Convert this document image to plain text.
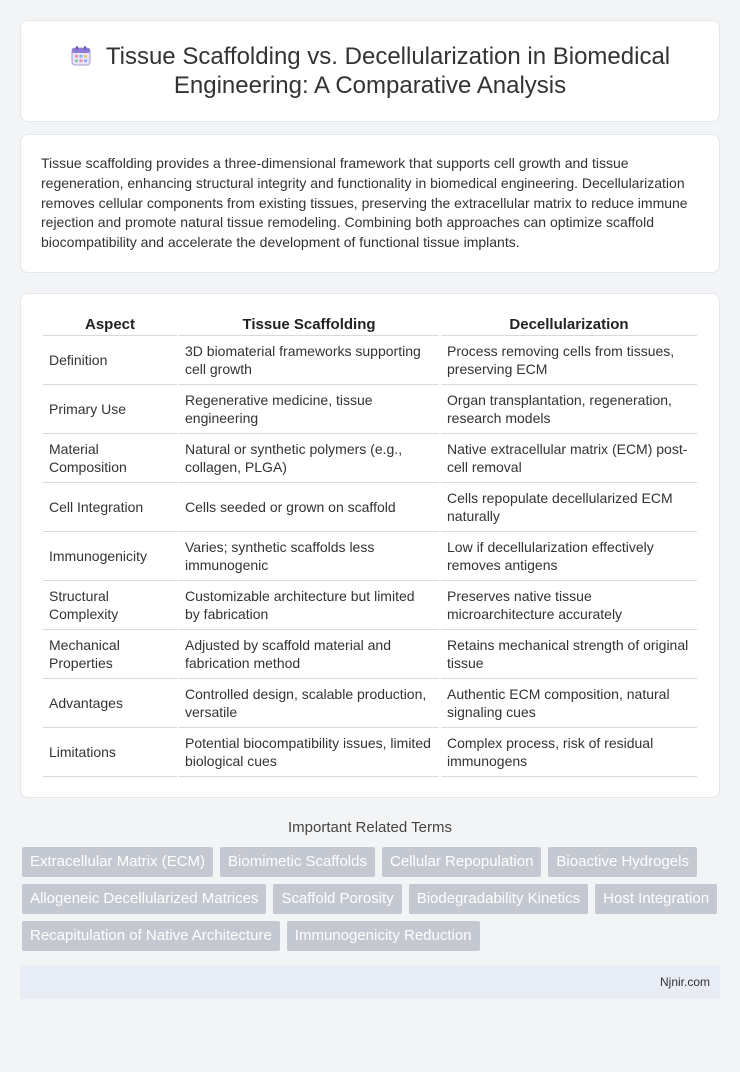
Tissue Scaffolding vs. Decellularization in Biomedical Engineering: A Comparative Analysis

Tissue scaffolding provides a three-dimensional framework that supports cell growth and tissue regeneration, enhancing structural integrity and functionality in biomedical engineering. Decellularization removes cellular components from existing tissues, preserving the extracellular matrix to reduce immune rejection and promote natural tissue remodeling. Combining both approaches can optimize scaffold biocompatibility and accelerate the development of functional tissue implants.

Aspect	Tissue Scaffolding	Decellularization
Definition	3D biomaterial frameworks supporting cell growth	Process removing cells from tissues, preserving ECM
Primary Use	Regenerative medicine, tissue engineering	Organ transplantation, regeneration, research models
Material Composition	Natural or synthetic polymers (e.g., collagen, PLGA)	Native extracellular matrix (ECM) post-cell removal
Cell Integration	Cells seeded or grown on scaffold	Cells repopulate decellularized ECM naturally
Immunogenicity	Varies; synthetic scaffolds less immunogenic	Low if decellularization effectively removes antigens
Structural Complexity	Customizable architecture but limited by fabrication	Preserves native tissue microarchitecture accurately
Mechanical Properties	Adjusted by scaffold material and fabrication method	Retains mechanical strength of original tissue
Advantages	Controlled design, scalable production, versatile	Authentic ECM composition, natural signaling cues
Limitations	Potential biocompatibility issues, limited biological cues	Complex process, risk of residual immunogens
Important Related Terms
Extracellular Matrix (ECM)	Biomimetic Scaffolds	Cellular Repopulation	Bioactive Hydrogels
Allogeneic Decellularized Matrices	Scaffold Porosity	Biodegradability Kinetics	Host Integration
Recapitulation of Native Architecture	Immunogenicity Reduction
Njnir.com
